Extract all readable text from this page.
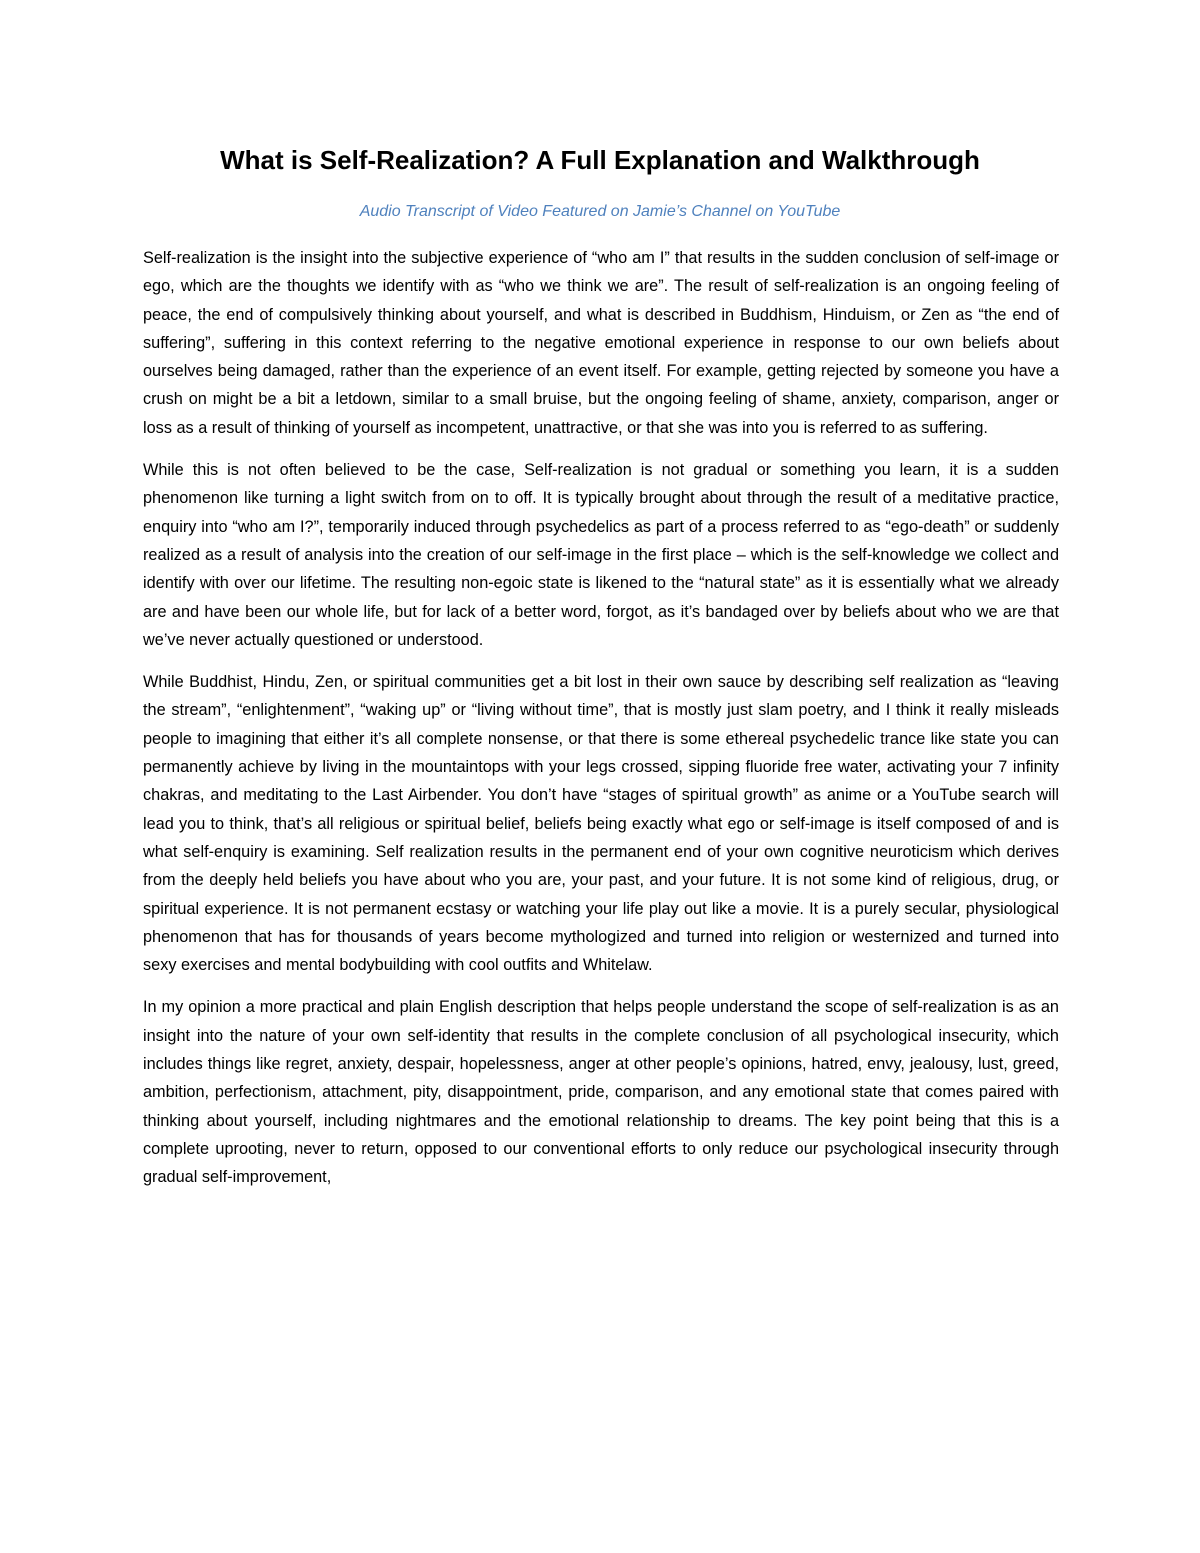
What is Self-Realization? A Full Explanation and Walkthrough

Audio Transcript of Video Featured on Jamie’s Channel on YouTube

Self-realization is the insight into the subjective experience of “who am I” that results in the sudden conclusion of self-image or ego, which are the thoughts we identify with as “who we think we are”. The result of self-realization is an ongoing feeling of peace, the end of compulsively thinking about yourself, and what is described in Buddhism, Hinduism, or Zen as “the end of suffering”, suffering in this context referring to the negative emotional experience in response to our own beliefs about ourselves being damaged, rather than the experience of an event itself. For example, getting rejected by someone you have a crush on might be a bit a letdown, similar to a small bruise, but the ongoing feeling of shame, anxiety, comparison, anger or loss as a result of thinking of yourself as incompetent, unattractive, or that she was into you is referred to as suffering.

While this is not often believed to be the case, Self-realization is not gradual or something you learn, it is a sudden phenomenon like turning a light switch from on to off. It is typically brought about through the result of a meditative practice, enquiry into “who am I?”, temporarily induced through psychedelics as part of a process referred to as “ego-death” or suddenly realized as a result of analysis into the creation of our self-image in the first place – which is the self-knowledge we collect and identify with over our lifetime. The resulting non-egoic state is likened to the “natural state” as it is essentially what we already are and have been our whole life, but for lack of a better word, forgot, as it’s bandaged over by beliefs about who we are that we’ve never actually questioned or understood.

While Buddhist, Hindu, Zen, or spiritual communities get a bit lost in their own sauce by describing self realization as “leaving the stream”, “enlightenment”, “waking up” or “living without time”, that is mostly just slam poetry, and I think it really misleads people to imagining that either it’s all complete nonsense, or that there is some ethereal psychedelic trance like state you can permanently achieve by living in the mountaintops with your legs crossed, sipping fluoride free water, activating your 7 infinity chakras, and meditating to the Last Airbender. You don’t have “stages of spiritual growth” as anime or a YouTube search will lead you to think, that’s all religious or spiritual belief, beliefs being exactly what ego or self-image is itself composed of and is what self-enquiry is examining. Self realization results in the permanent end of your own cognitive neuroticism which derives from the deeply held beliefs you have about who you are, your past, and your future. It is not some kind of religious, drug, or spiritual experience. It is not permanent ecstasy or watching your life play out like a movie. It is a purely secular, physiological phenomenon that has for thousands of years become mythologized and turned into religion or westernized and turned into sexy exercises and mental bodybuilding with cool outfits and Whitelaw.

In my opinion a more practical and plain English description that helps people understand the scope of self-realization is as an insight into the nature of your own self-identity that results in the complete conclusion of all psychological insecurity, which includes things like regret, anxiety, despair, hopelessness, anger at other people’s opinions, hatred, envy, jealousy, lust, greed, ambition, perfectionism, attachment, pity, disappointment, pride, comparison, and any emotional state that comes paired with thinking about yourself, including nightmares and the emotional relationship to dreams. The key point being that this is a complete uprooting, never to return, opposed to our conventional efforts to only reduce our psychological insecurity through gradual self-improvement,
